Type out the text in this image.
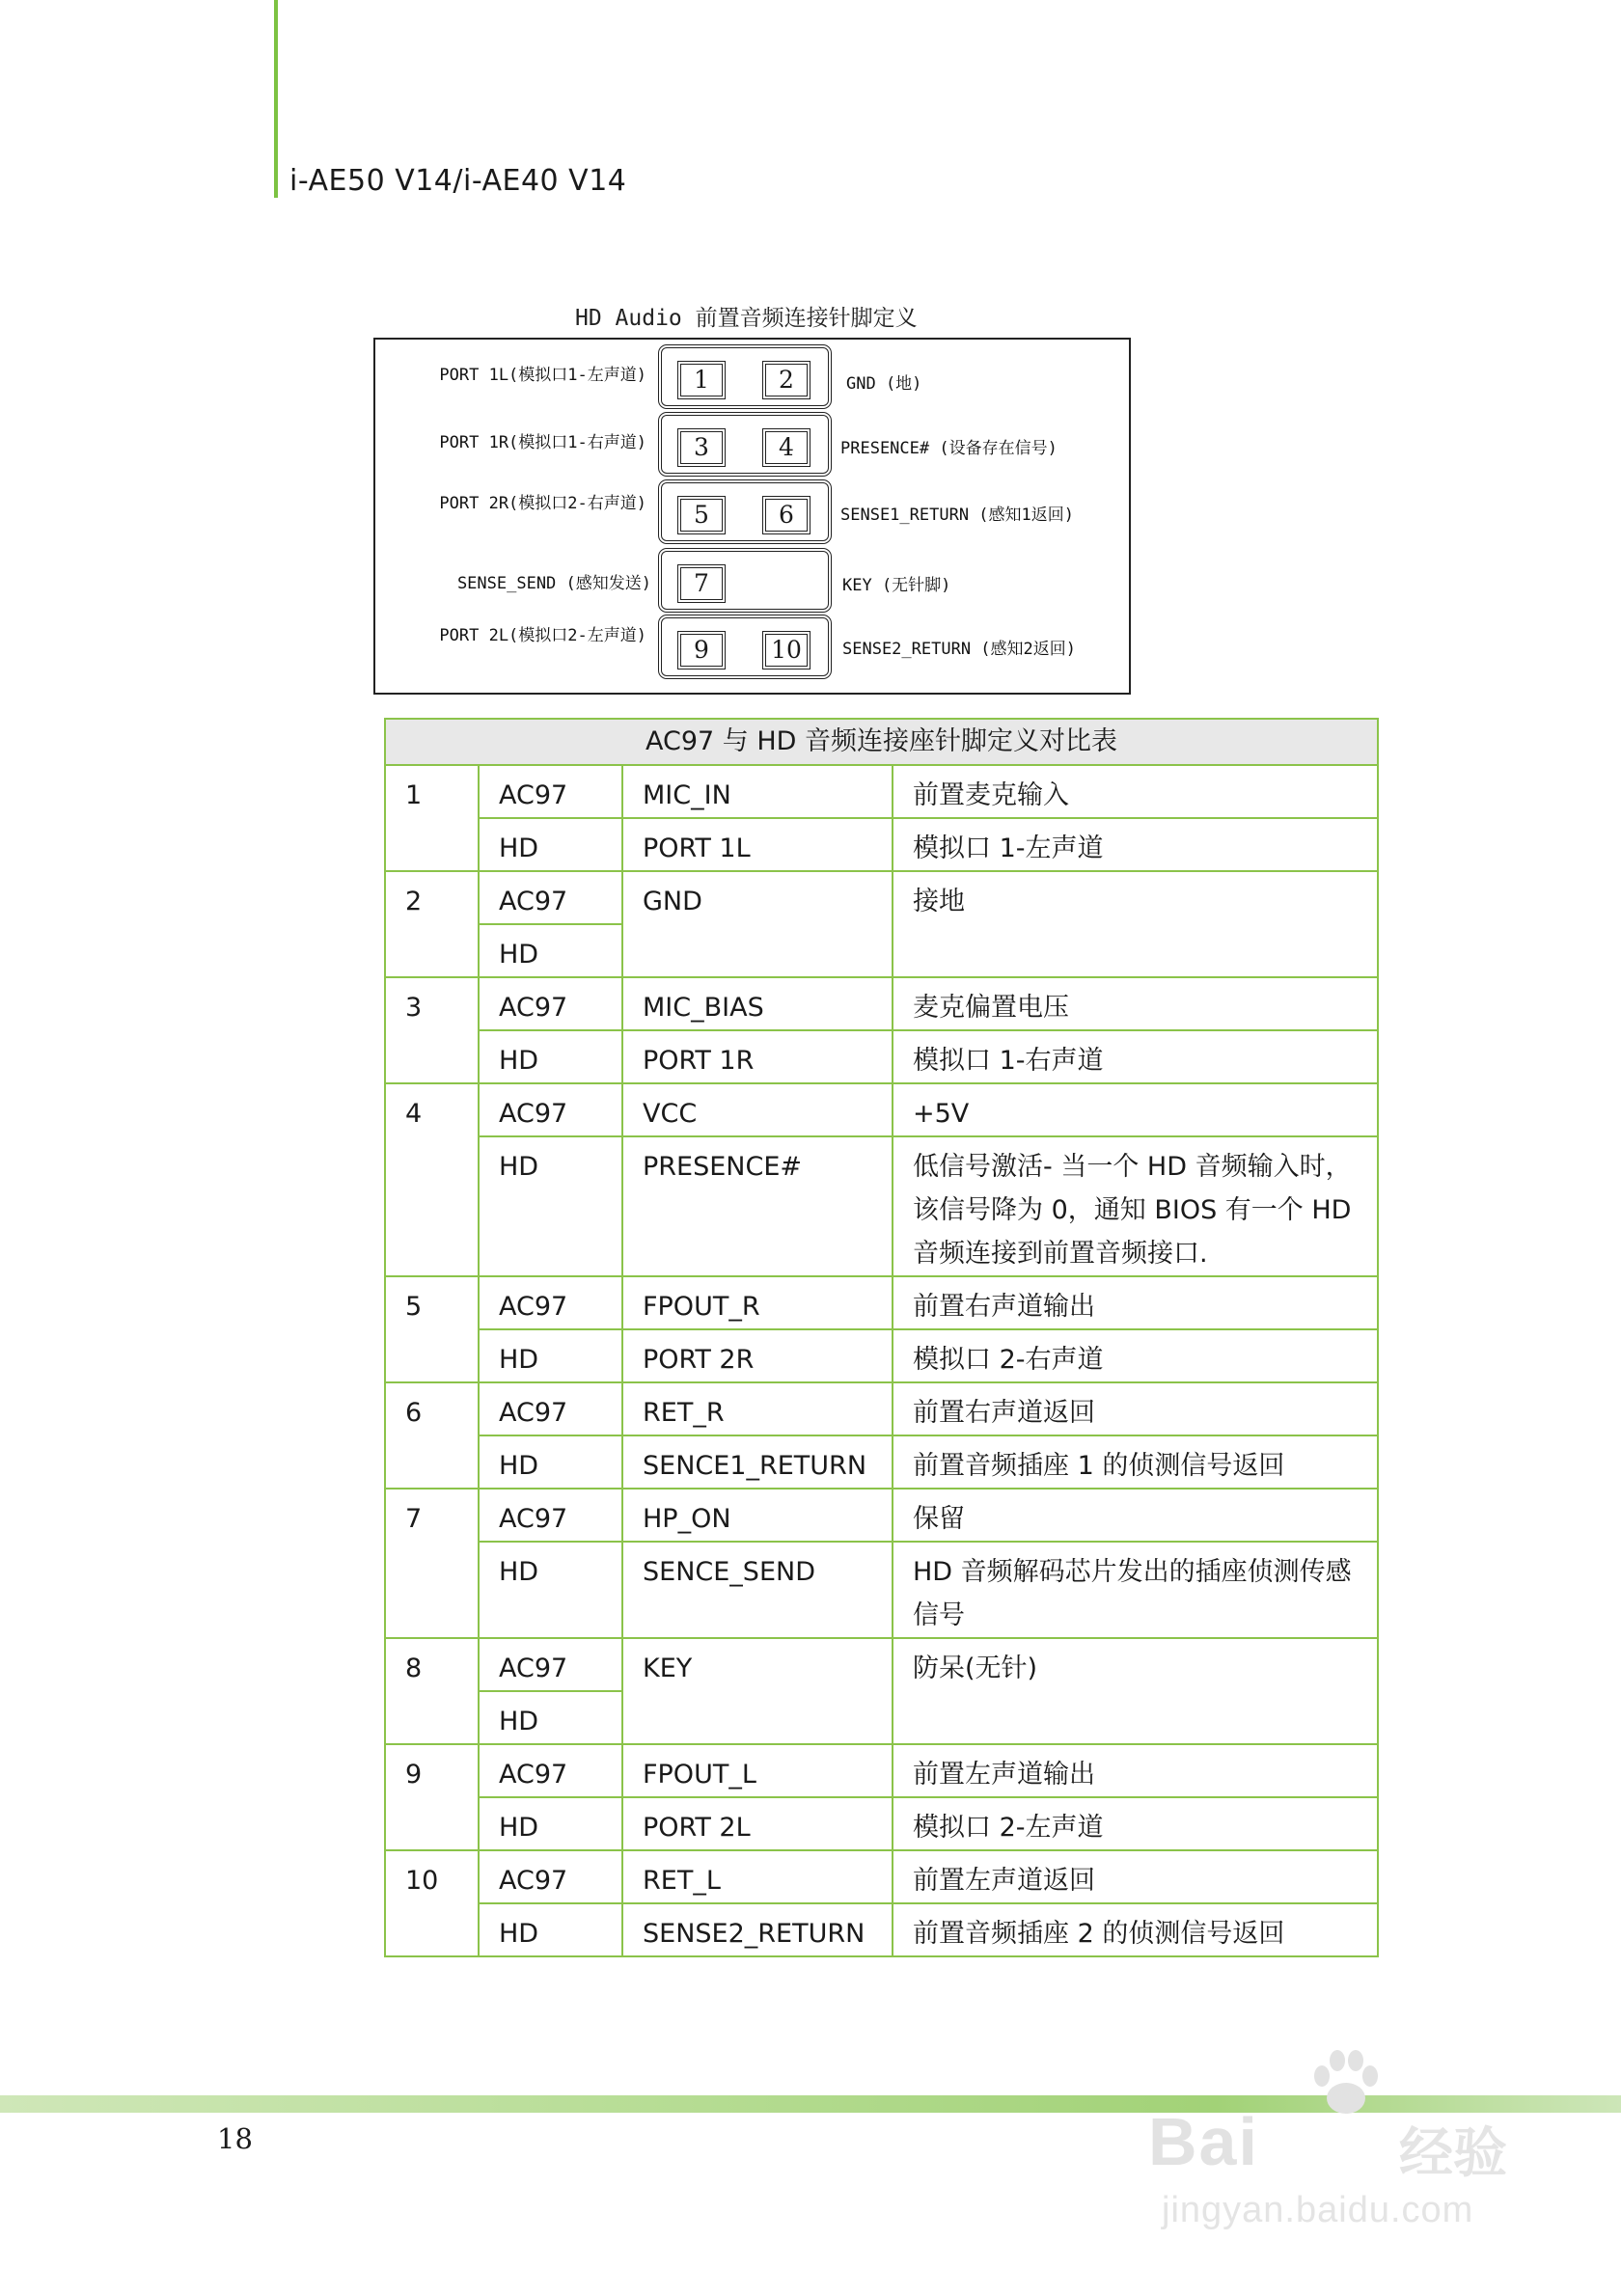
i-AE50 V14/i-AE40 V14
HD Audio 前置音频连接针脚定义
PORT 1L(模拟口1-左声道)	1	2	GND (地)
PORT 1R(模拟口1-右声道)	3	4	PRESENCE# (设备存在信号)
PORT 2R(模拟口2-右声道)	5	6	SENSE1_RETURN (感知1返回)
SENSE_SEND (感知发送)	7	KEY (无针脚)
PORT 2L(模拟口2-左声道)	9	10	SENSE2_RETURN (感知2返回)
AC97 与 HD 音频连接座针脚定义对比表			
1	AC97	MIC_IN	前置麦克输入
	HD	PORT 1L	模拟口 1-左声道
2	AC97	GND	接地
	HD		
3	AC97	MIC_BIAS	麦克偏置电压
	HD	PORT 1R	模拟口 1-右声道
4	AC97	VCC	+5V
	HD	PRESENCE#	低信号激活- 当一个 HD 音频输入时，该信号降为 0，通知 BIOS 有一个 HD 音频连接到前置音频接口.
5	AC97	FPOUT_R	前置右声道输出
	HD	PORT 2R	模拟口 2-右声道
6	AC97	RET_R	前置右声道返回
	HD	SENCE1_RETURN	前置音频插座 1 的侦测信号返回
7	AC97	HP_ON	保留
	HD	SENCE_SEND	HD 音频解码芯片发出的插座侦测传感信号
8	AC97	KEY	防呆(无针)
	HD		
9	AC97	FPOUT_L	前置左声道输出
	HD	PORT 2L	模拟口 2-左声道
10	AC97	RET_L	前置左声道返回
	HD	SENSE2_RETURN	前置音频插座 2 的侦测信号返回
18	Bai	经验
jingyan.baidu.com
